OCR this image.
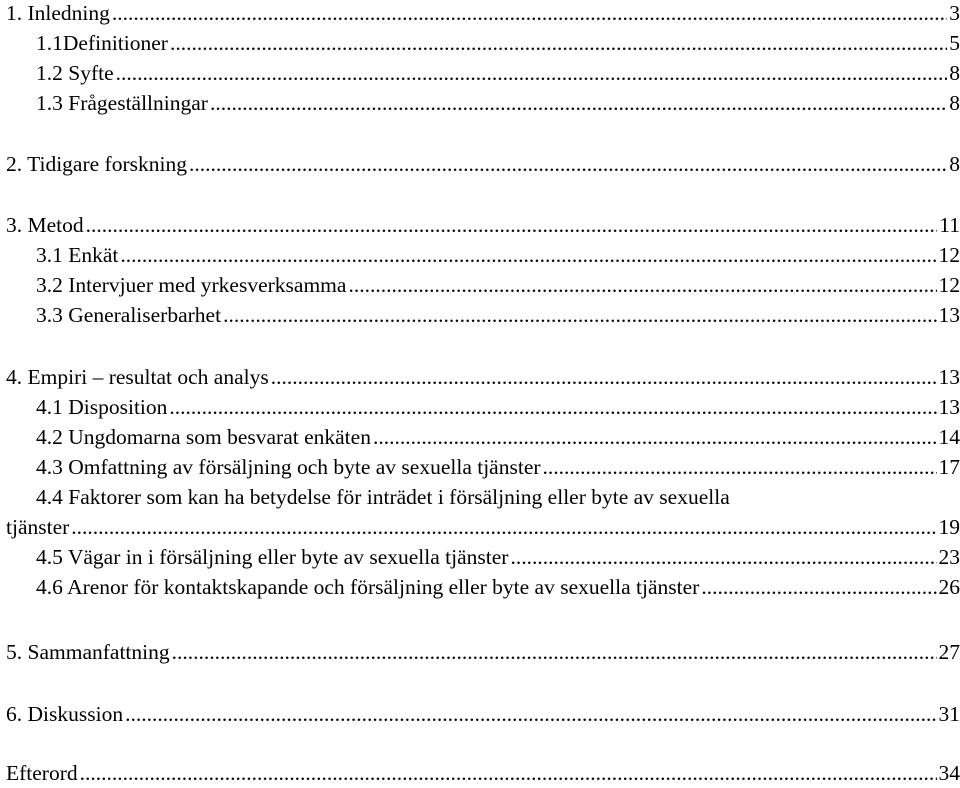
1. Inledning .....	3
1.1Definitioner .....	5
1.2 Syfte .....	8
1.3 Frågeställningar .....	8
2. Tidigare forskning .....	8
3. Metod .....	11
3.1 Enkät .....	12
3.2 Intervjuer med yrkesverksamma .....	12
3.3 Generaliserbarhet .....	13
4. Empiri – resultat och analys .....	13
4.1 Disposition .....	13
4.2 Ungdomarna som besvarat enkäten .....	14
4.3 Omfattning av försäljning och byte av sexuella tjänster .....	17
4.4 Faktorer som kan ha betydelse för inträdet i försäljning eller byte av sexuella
tjänster .....	19
4.5 Vägar in i försäljning eller byte av sexuella tjänster .....	23
4.6 Arenor för kontaktskapande och försäljning eller byte av sexuella tjänster .....	26
5. Sammanfattning .....	27
6. Diskussion .....	31
Efterord .....	34
